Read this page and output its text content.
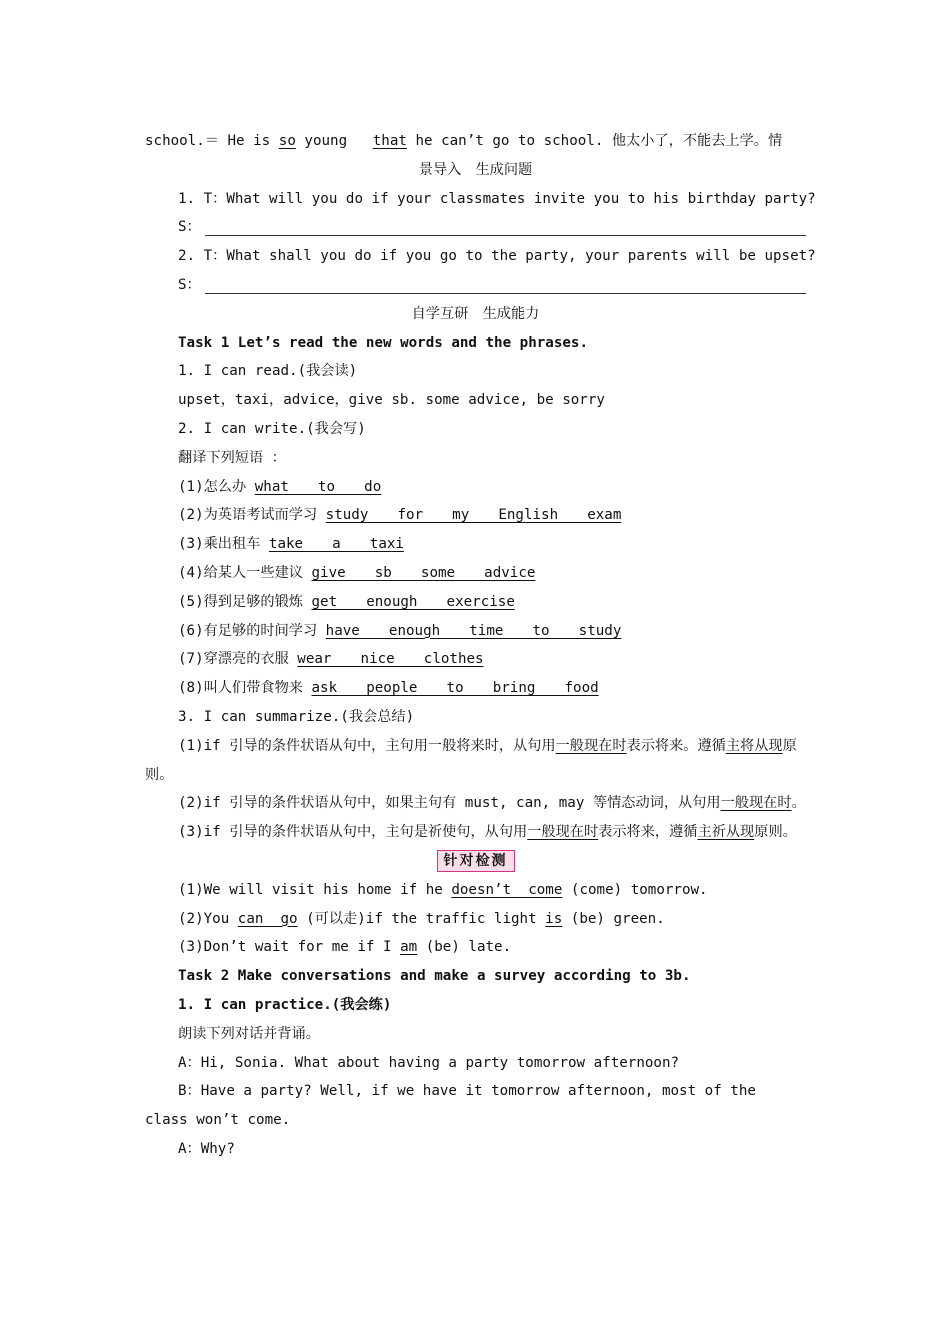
school.＝ He is so young   that he can’t go to school. 他太小了，不能去上学。情
景导入　生成问题
1. T：What will you do if your classmates invite you to his birthday party?
S：
2. T：What shall you do if you go to the party, your parents will be upset?
S：
自学互研　生成能力
Task 1 Let’s read the new words and the phrases.
1. I can read.(我会读)
upset，taxi，advice，give sb. some advice, be sorry
2. I can write.(我会写)
翻译下列短语 ：
(1)怎么办 what  to  do
(2)为英语考试而学习 study  for  my  English  exam
(3)乘出租车 take  a  taxi
(4)给某人一些建议 give  sb  some  advice
(5)得到足够的锻炼 get  enough  exercise
(6)有足够的时间学习 have  enough  time  to  study
(7)穿漂亮的衣服 wear  nice  clothes
(8)叫人们带食物来 ask  people  to  bring  food
3. I can summarize.(我会总结)
(1)if 引导的条件状语从句中，主句用一般将来时，从句用一般现在时表示将来。遵循主将从现原则。
(2)if 引导的条件状语从句中，如果主句有 must, can, may 等情态动词，从句用一般现在时。
(3)if 引导的条件状语从句中，主句是祈使句，从句用一般现在时表示将来，遵循主祈从现原则。
针对检测
(1)We will visit his home if he doesn’t  come (come) tomorrow.
(2)You can  go (可以走)if the traffic light is (be) green.
(3)Don’t wait for me if I am (be) late.
Task 2 Make conversations and make a survey according to 3b.
1. I can practice.(我会练)
朗读下列对话并背诵。
A：Hi, Sonia. What about having a party tomorrow afternoon?
B：Have a party? Well, if we have it tomorrow afternoon, most of the class won’t come.
A：Why?
